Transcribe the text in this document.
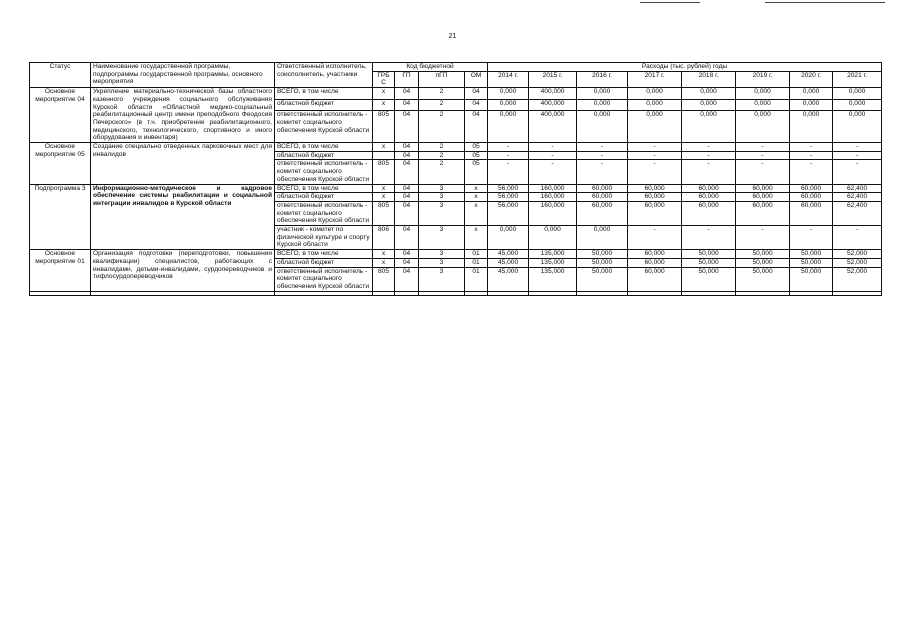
21
Статус	Наименование государственной программы, подпрограммы государственной программы, основного мероприятия	Ответственный исполнитель, соисполнитель, участники	Код бюджетной				Расходы (тыс. рублей) годы							
			ГРБ С	ГП	пГП	ОМ	2014 г.	2015 г.	2016 г.	2017 г.	2018 г.	2019 г.	2020 г.	2021 г.
Основное мероприятие 04	Укрепление материально-технической базы областного казенного учреждения социального обслуживания Курской области «Областной медико-социальный реабилитационный центр имени преподобного Феодосия Печерского» (в т.ч. приобретение реабилитационного, медицинского, технологического, спортивного и иного оборудования и инвентаря)	ВСЕГО, в том числе	x	04	2	04	0,000	400,000	0,000	0,000	0,000	0,000	0,000	0,000
		областной бюджет	x	04	2	04	0,000	400,000	0,000	0,000	0,000	0,000	0,000	0,000
		ответственный исполнитель - комитет социального обеспечения Курской области	805	04	2	04	0,000	400,000	0,000	0,000	0,000	0,000	0,000	0,000
Основное мероприятие 05	Создание специально отведенных парковочных мест для инвалидов	ВСЕГО, в том числе	x	04	2	05	-	-	-	-	-	-	-	-
		областной бюджет		04	2	05	-	-	-	-	-	-	-	-
		ответственный исполнитель - комитет социального обеспечения Курской области	805	04	2	05	-	-	-	-	-	-	-	-
Подпрограмма 3	Информационно-методическое и кадровое обеспечение системы реабилитации и социальной интеграции инвалидов в Курской области	ВСЕГО, в том числе	x	04	3	x	56,000	160,000	60,000	60,000	60,000	60,000	60,000	62,400
		областной бюджет	x	04	3	x	56,000	160,000	60,000	60,000	60,000	60,000	60,000	62,400
		ответственный исполнитель - комитет социального обеспечения Курской области	805	04	3	x	56,000	160,000	60,000	60,000	60,000	60,000	60,000	62,400
		участник - комитет по физической культуре и спорту Курской области	806	04	3	x	0,000	0,000	0,000	-	-	-	-	-
Основное мероприятие 01	Организация подготовки (переподготовки, повышения квалификации) специалистов, работающих с инвалидами, детьми-инвалидами, сурдопереводчиков и тифлосурдопереводчиков	ВСЕГО, в том числе	x	04	3	01	45,000	135,000	50,000	60,000	50,000	50,000	50,000	52,000
		областной бюджет	x	04	3	01	45,000	135,000	50,000	60,000	50,000	50,000	50,000	52,000
		ответственный исполнитель - комитет социального обеспечения Курской области	805	04	3	01	45,000	135,000	50,000	60,000	50,000	50,000	50,000	52,000
